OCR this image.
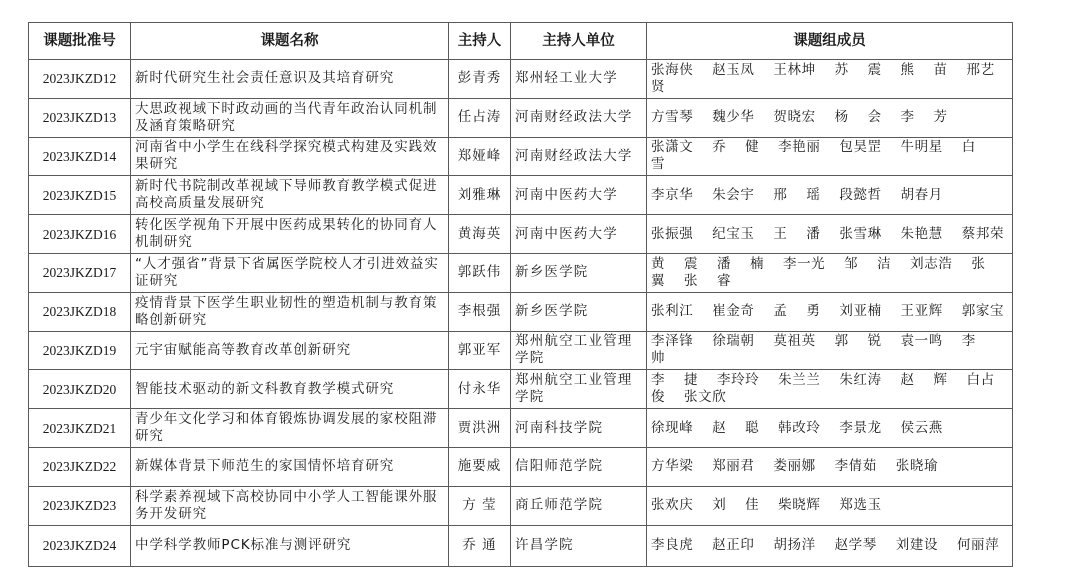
课题批准号	课题名称	主持人	主持人单位	课题组成员
2023JKZD12	新时代研究生社会责任意识及其培育研究	彭青秀	郑州轻工业大学	张海侠 赵玉凤 王林坤 苏 震 熊 苗 邢艺贤
2023JKZD13	大思政视域下时政动画的当代青年政治认同机制及涵育策略研究	任占涛	河南财经政法大学	方雪琴 魏少华 贺晓宏 杨 会 李 芳
2023JKZD14	河南省中小学生在线科学探究模式构建及实践效果研究	郑娅峰	河南财经政法大学	张潇文 乔 健 李艳丽 包昊罡 牛明星 白 雪
2023JKZD15	新时代书院制改革视域下导师教育教学模式促进高校高质量发展研究	刘雅琳	河南中医药大学	李京华 朱会宇 邢 瑶 段懿哲 胡春月
2023JKZD16	转化医学视角下开展中医药成果转化的协同育人机制研究	黄海英	河南中医药大学	张振强 纪宝玉 王 潘 张雪琳 朱艳慧 蔡邦荣
2023JKZD17	“人才强省”背景下省属医学院校人才引进效益实证研究	郭跃伟	新乡医学院	黄 震 潘 楠 李一光 邹 洁 刘志浩 张 翼 张 睿
2023JKZD18	疫情背景下医学生职业韧性的塑造机制与教育策略创新研究	李根强	新乡医学院	张利江 崔金奇 孟 勇 刘亚楠 王亚辉 郭家宝
2023JKZD19	元宇宙赋能高等教育改革创新研究	郭亚军	郑州航空工业管理学院	李泽锋 徐瑞朝 莫祖英 郭 锐 袁一鸣 李 帅
2023JKZD20	智能技术驱动的新文科教育教学模式研究	付永华	郑州航空工业管理学院	李 捷 李玲玲 朱兰兰 朱红涛 赵 辉 白占俊 张文欣
2023JKZD21	青少年文化学习和体育锻炼协调发展的家校阻滞研究	贾洪洲	河南科技学院	徐现峰 赵 聪 韩改玲 李景龙 侯云燕
2023JKZD22	新媒体背景下师范生的家国情怀培育研究	施要威	信阳师范学院	方华梁 郑丽君 娄丽娜 李倩茹 张晓瑜
2023JKZD23	科学素养视域下高校协同中小学人工智能课外服务开发研究	方 莹	商丘师范学院	张欢庆 刘 佳 柴晓辉 郑选玉
2023JKZD24	中学科学教师PCK标准与测评研究	乔 通	许昌学院	李良虎 赵正印 胡扬洋 赵学琴 刘建设 何丽萍
